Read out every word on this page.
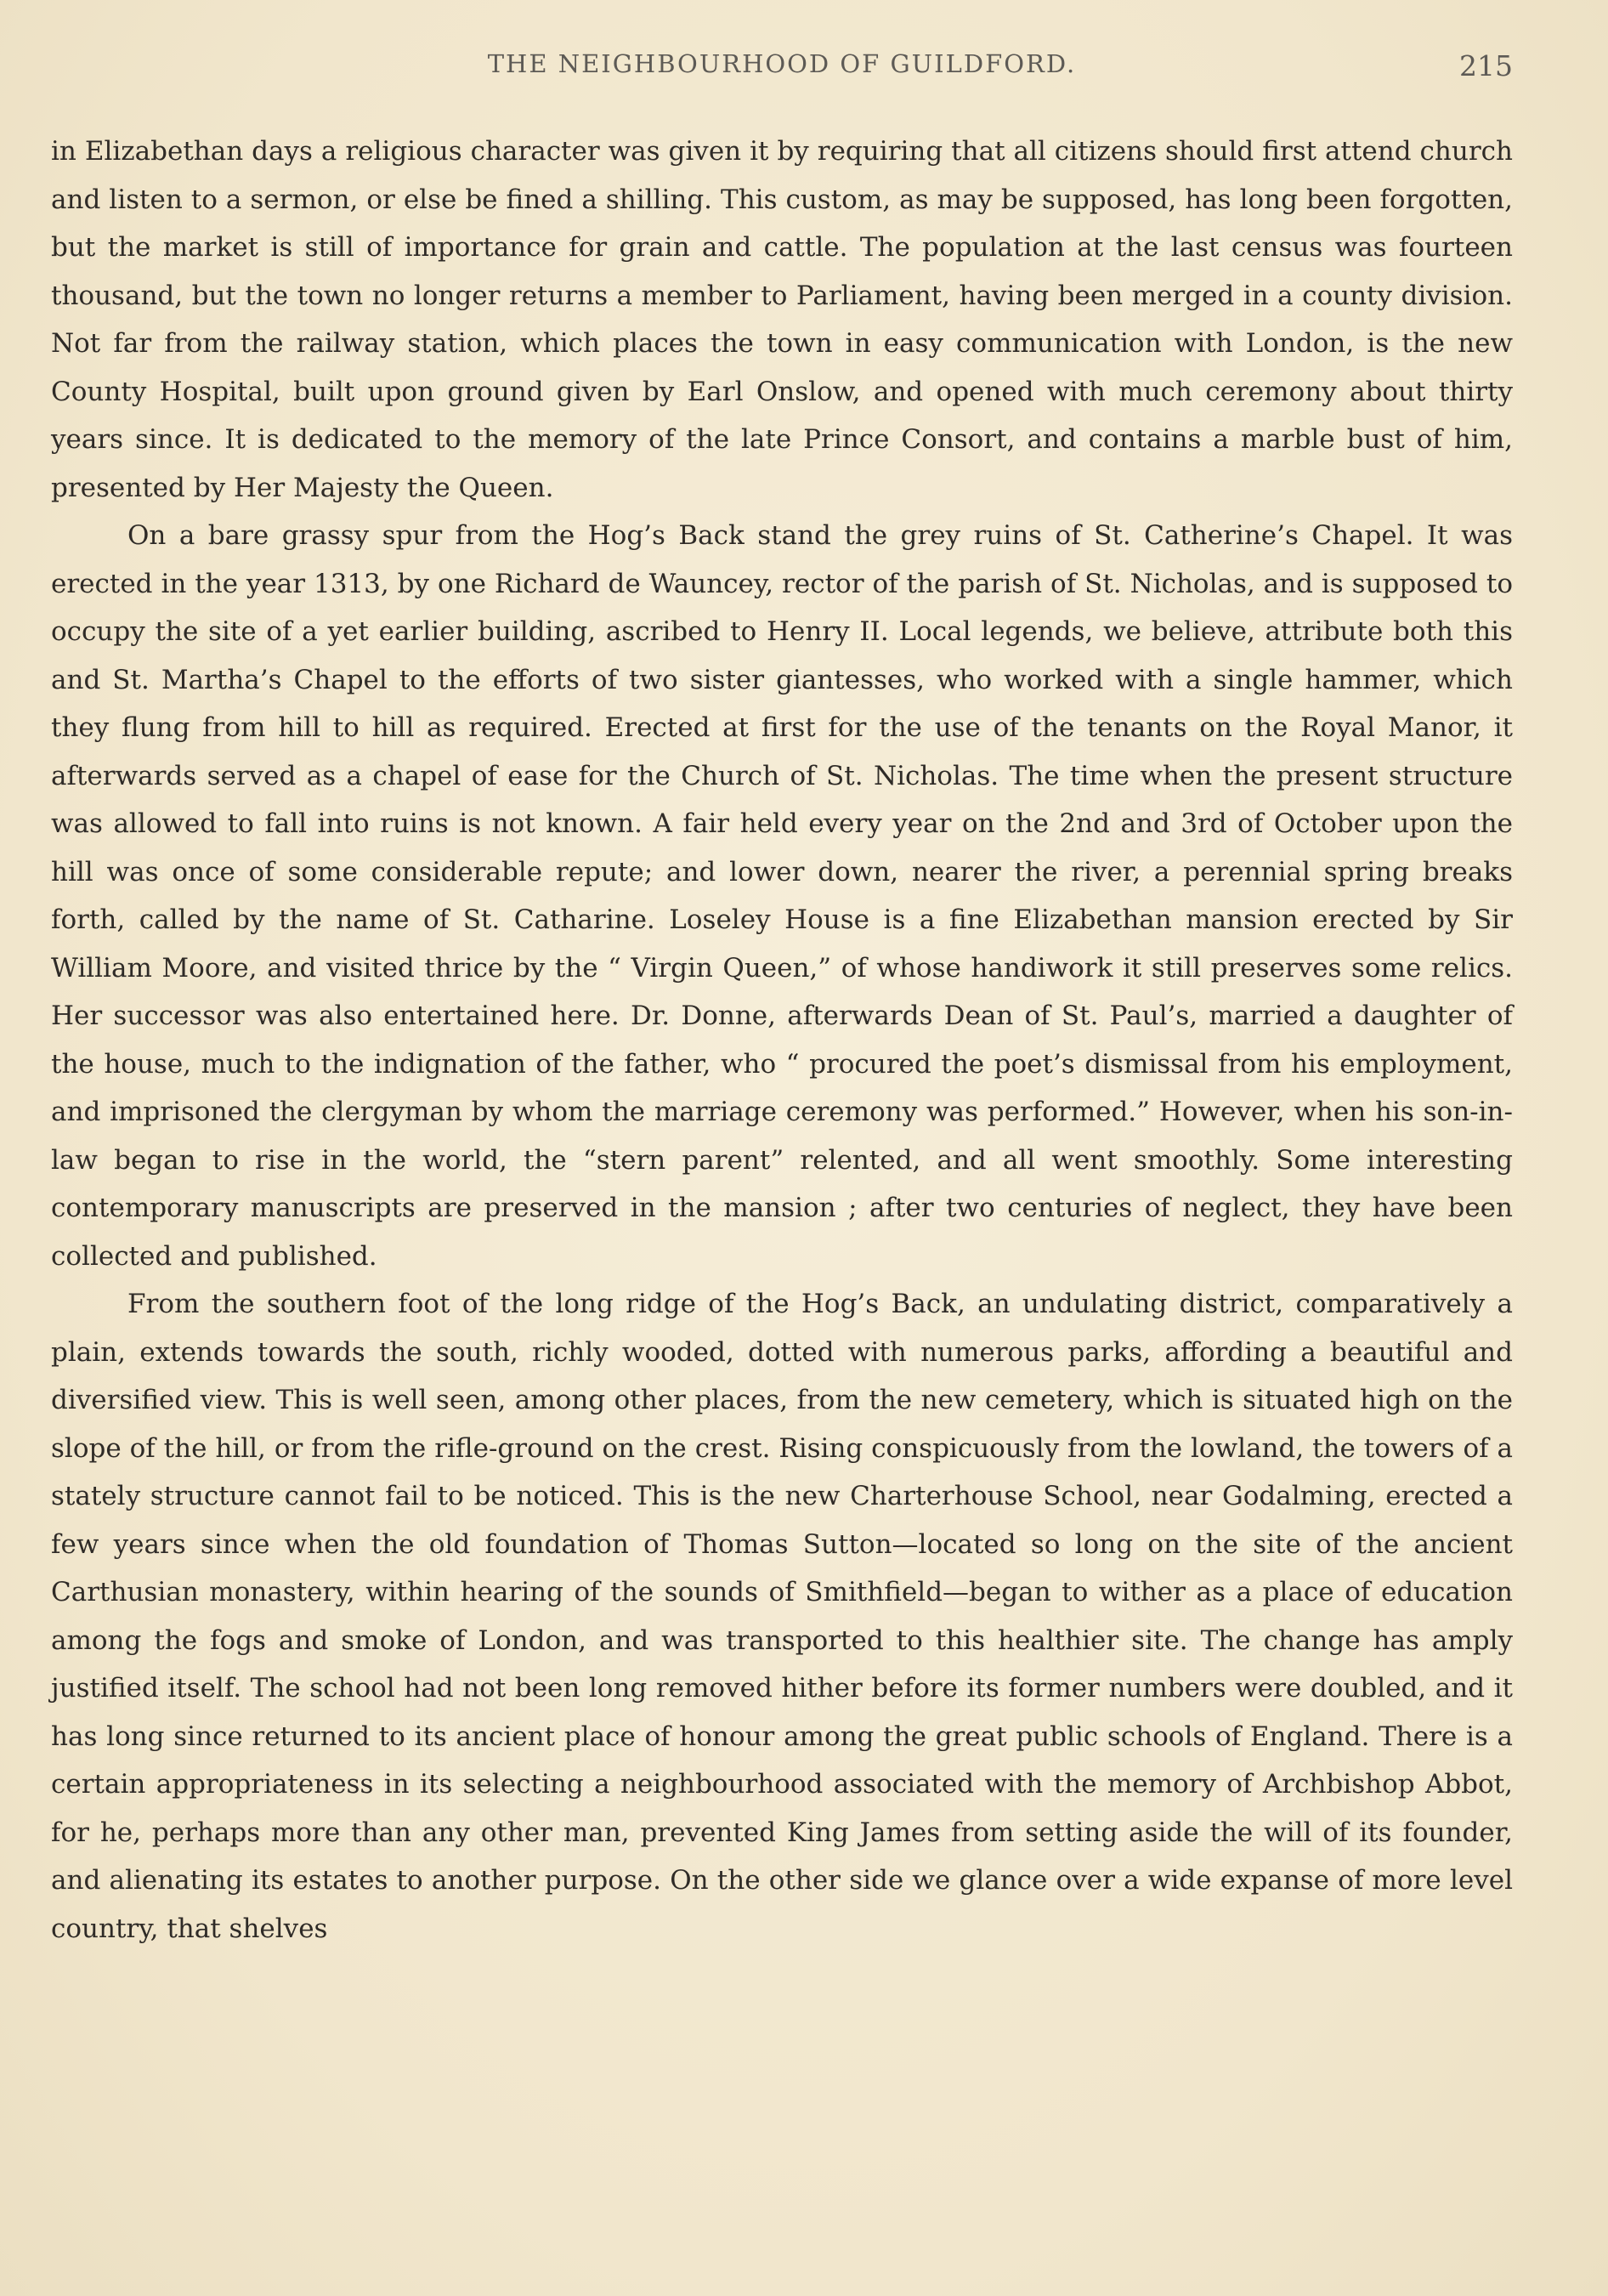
THE NEIGHBOURHOOD OF GUILDFORD.	215

in Elizabethan days a religious character was given it by requiring that all citizens should first attend church and listen to a sermon, or else be fined a shilling. This custom, as may be supposed, has long been forgotten, but the market is still of importance for grain and cattle. The population at the last census was fourteen thousand, but the town no longer returns a member to Parliament, having been merged in a county division. Not far from the railway station, which places the town in easy communication with London, is the new County Hospital, built upon ground given by Earl Onslow, and opened with much ceremony about thirty years since. It is dedicated to the memory of the late Prince Consort, and contains a marble bust of him, presented by Her Majesty the Queen.

On a bare grassy spur from the Hog’s Back stand the grey ruins of St. Catherine’s Chapel. It was erected in the year 1313, by one Richard de Wauncey, rector of the parish of St. Nicholas, and is supposed to occupy the site of a yet earlier building, ascribed to Henry II. Local legends, we believe, attribute both this and St. Martha’s Chapel to the efforts of two sister giantesses, who worked with a single hammer, which they flung from hill to hill as required. Erected at first for the use of the tenants on the Royal Manor, it afterwards served as a chapel of ease for the Church of St. Nicholas. The time when the present structure was allowed to fall into ruins is not known. A fair held every year on the 2nd and 3rd of October upon the hill was once of some considerable repute; and lower down, nearer the river, a perennial spring breaks forth, called by the name of St. Catharine. Loseley House is a fine Elizabethan mansion erected by Sir William Moore, and visited thrice by the “ Virgin Queen,” of whose handiwork it still preserves some relics. Her successor was also entertained here. Dr. Donne, afterwards Dean of St. Paul’s, married a daughter of the house, much to the indignation of the father, who “ procured the poet’s dismissal from his employment, and imprisoned the clergyman by whom the marriage ceremony was performed.” However, when his son-in-law began to rise in the world, the “stern parent” relented, and all went smoothly. Some interesting contemporary manuscripts are preserved in the mansion ; after two centuries of neglect, they have been collected and published.

From the southern foot of the long ridge of the Hog’s Back, an undulating district, comparatively a plain, extends towards the south, richly wooded, dotted with numerous parks, affording a beautiful and diversified view. This is well seen, among other places, from the new cemetery, which is situated high on the slope of the hill, or from the rifle-ground on the crest. Rising conspicuously from the lowland, the towers of a stately structure cannot fail to be noticed. This is the new Charterhouse School, near Godalming, erected a few years since when the old foundation of Thomas Sutton—located so long on the site of the ancient Carthusian monastery, within hearing of the sounds of Smithfield—began to wither as a place of education among the fogs and smoke of London, and was transported to this healthier site. The change has amply justified itself. The school had not been long removed hither before its former numbers were doubled, and it has long since returned to its ancient place of honour among the great public schools of England. There is a certain appropriateness in its selecting a neighbourhood associated with the memory of Archbishop Abbot, for he, perhaps more than any other man, prevented King James from setting aside the will of its founder, and alienating its estates to another purpose. On the other side we glance over a wide expanse of more level country, that shelves
